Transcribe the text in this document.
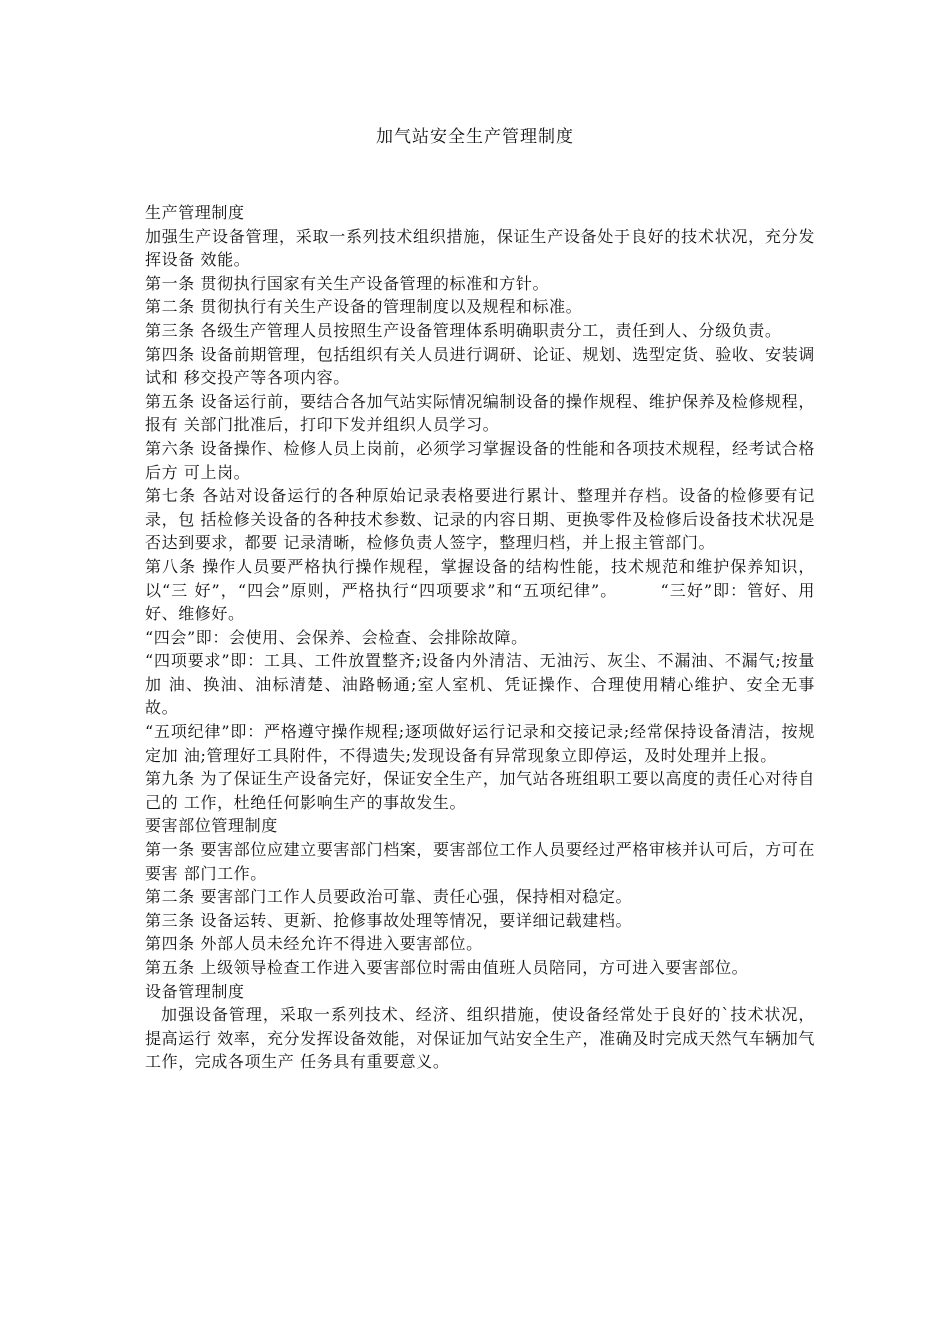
加气站安全生产管理制度

生产管理制度

加强生产设备管理，采取一系列技术组织措施，保证生产设备处于良好的技术状况，充分发挥设备 效能。

第一条 贯彻执行国家有关生产设备管理的标准和方针。

第二条 贯彻执行有关生产设备的管理制度以及规程和标准。

第三条 各级生产管理人员按照生产设备管理体系明确职责分工，责任到人、分级负责。

第四条 设备前期管理，包括组织有关人员进行调研、论证、规划、选型定货、验收、安装调试和 移交投产等各项内容。

第五条 设备运行前，要结合各加气站实际情况编制设备的操作规程、维护保养及检修规程，报有 关部门批准后，打印下发并组织人员学习。

第六条 设备操作、检修人员上岗前，必须学习掌握设备的性能和各项技术规程，经考试合格后方 可上岗。

第七条 各站对设备运行的各种原始记录表格要进行累计、整理并存档。设备的检修要有记录，包 括检修关设备的各种技术参数、记录的内容日期、更换零件及检修后设备技术状况是否达到要求，都要 记录清晰，检修负责人签字，整理归档，并上报主管部门。

第八条 操作人员要严格执行操作规程，掌握设备的结构性能，技术规范和维护保养知识，以“三 好”，“四会”原则，严格执行“四项要求”和“五项纪律”。　　　“三好”即：管好、用好、维修好。

“四会”即：会使用、会保养、会检查、会排除故障。

“四项要求”即：工具、工件放置整齐;设备内外清洁、无油污、灰尘、不漏油、不漏气;按量加 油、换油、油标清楚、油路畅通;室人室机、凭证操作、合理使用精心维护、安全无事故。

“五项纪律”即：严格遵守操作规程;逐项做好运行记录和交接记录;经常保持设备清洁，按规定加 油;管理好工具附件，不得遗失;发现设备有异常现象立即停运，及时处理并上报。

第九条 为了保证生产设备完好，保证安全生产，加气站各班组职工要以高度的责任心对待自己的 工作，杜绝任何影响生产的事故发生。

要害部位管理制度

第一条 要害部位应建立要害部门档案，要害部位工作人员要经过严格审核并认可后，方可在要害 部门工作。

第二条 要害部门工作人员要政治可靠、责任心强，保持相对稳定。

第三条 设备运转、更新、抢修事故处理等情况，要详细记载建档。

第四条 外部人员未经允许不得进入要害部位。

第五条 上级领导检查工作进入要害部位时需由值班人员陪同，方可进入要害部位。

设备管理制度

加强设备管理，采取一系列技术、经济、组织措施，使设备经常处于良好的`技术状况，提高运行 效率，充分发挥设备效能，对保证加气站安全生产，准确及时完成天然气车辆加气工作，完成各项生产 任务具有重要意义。
